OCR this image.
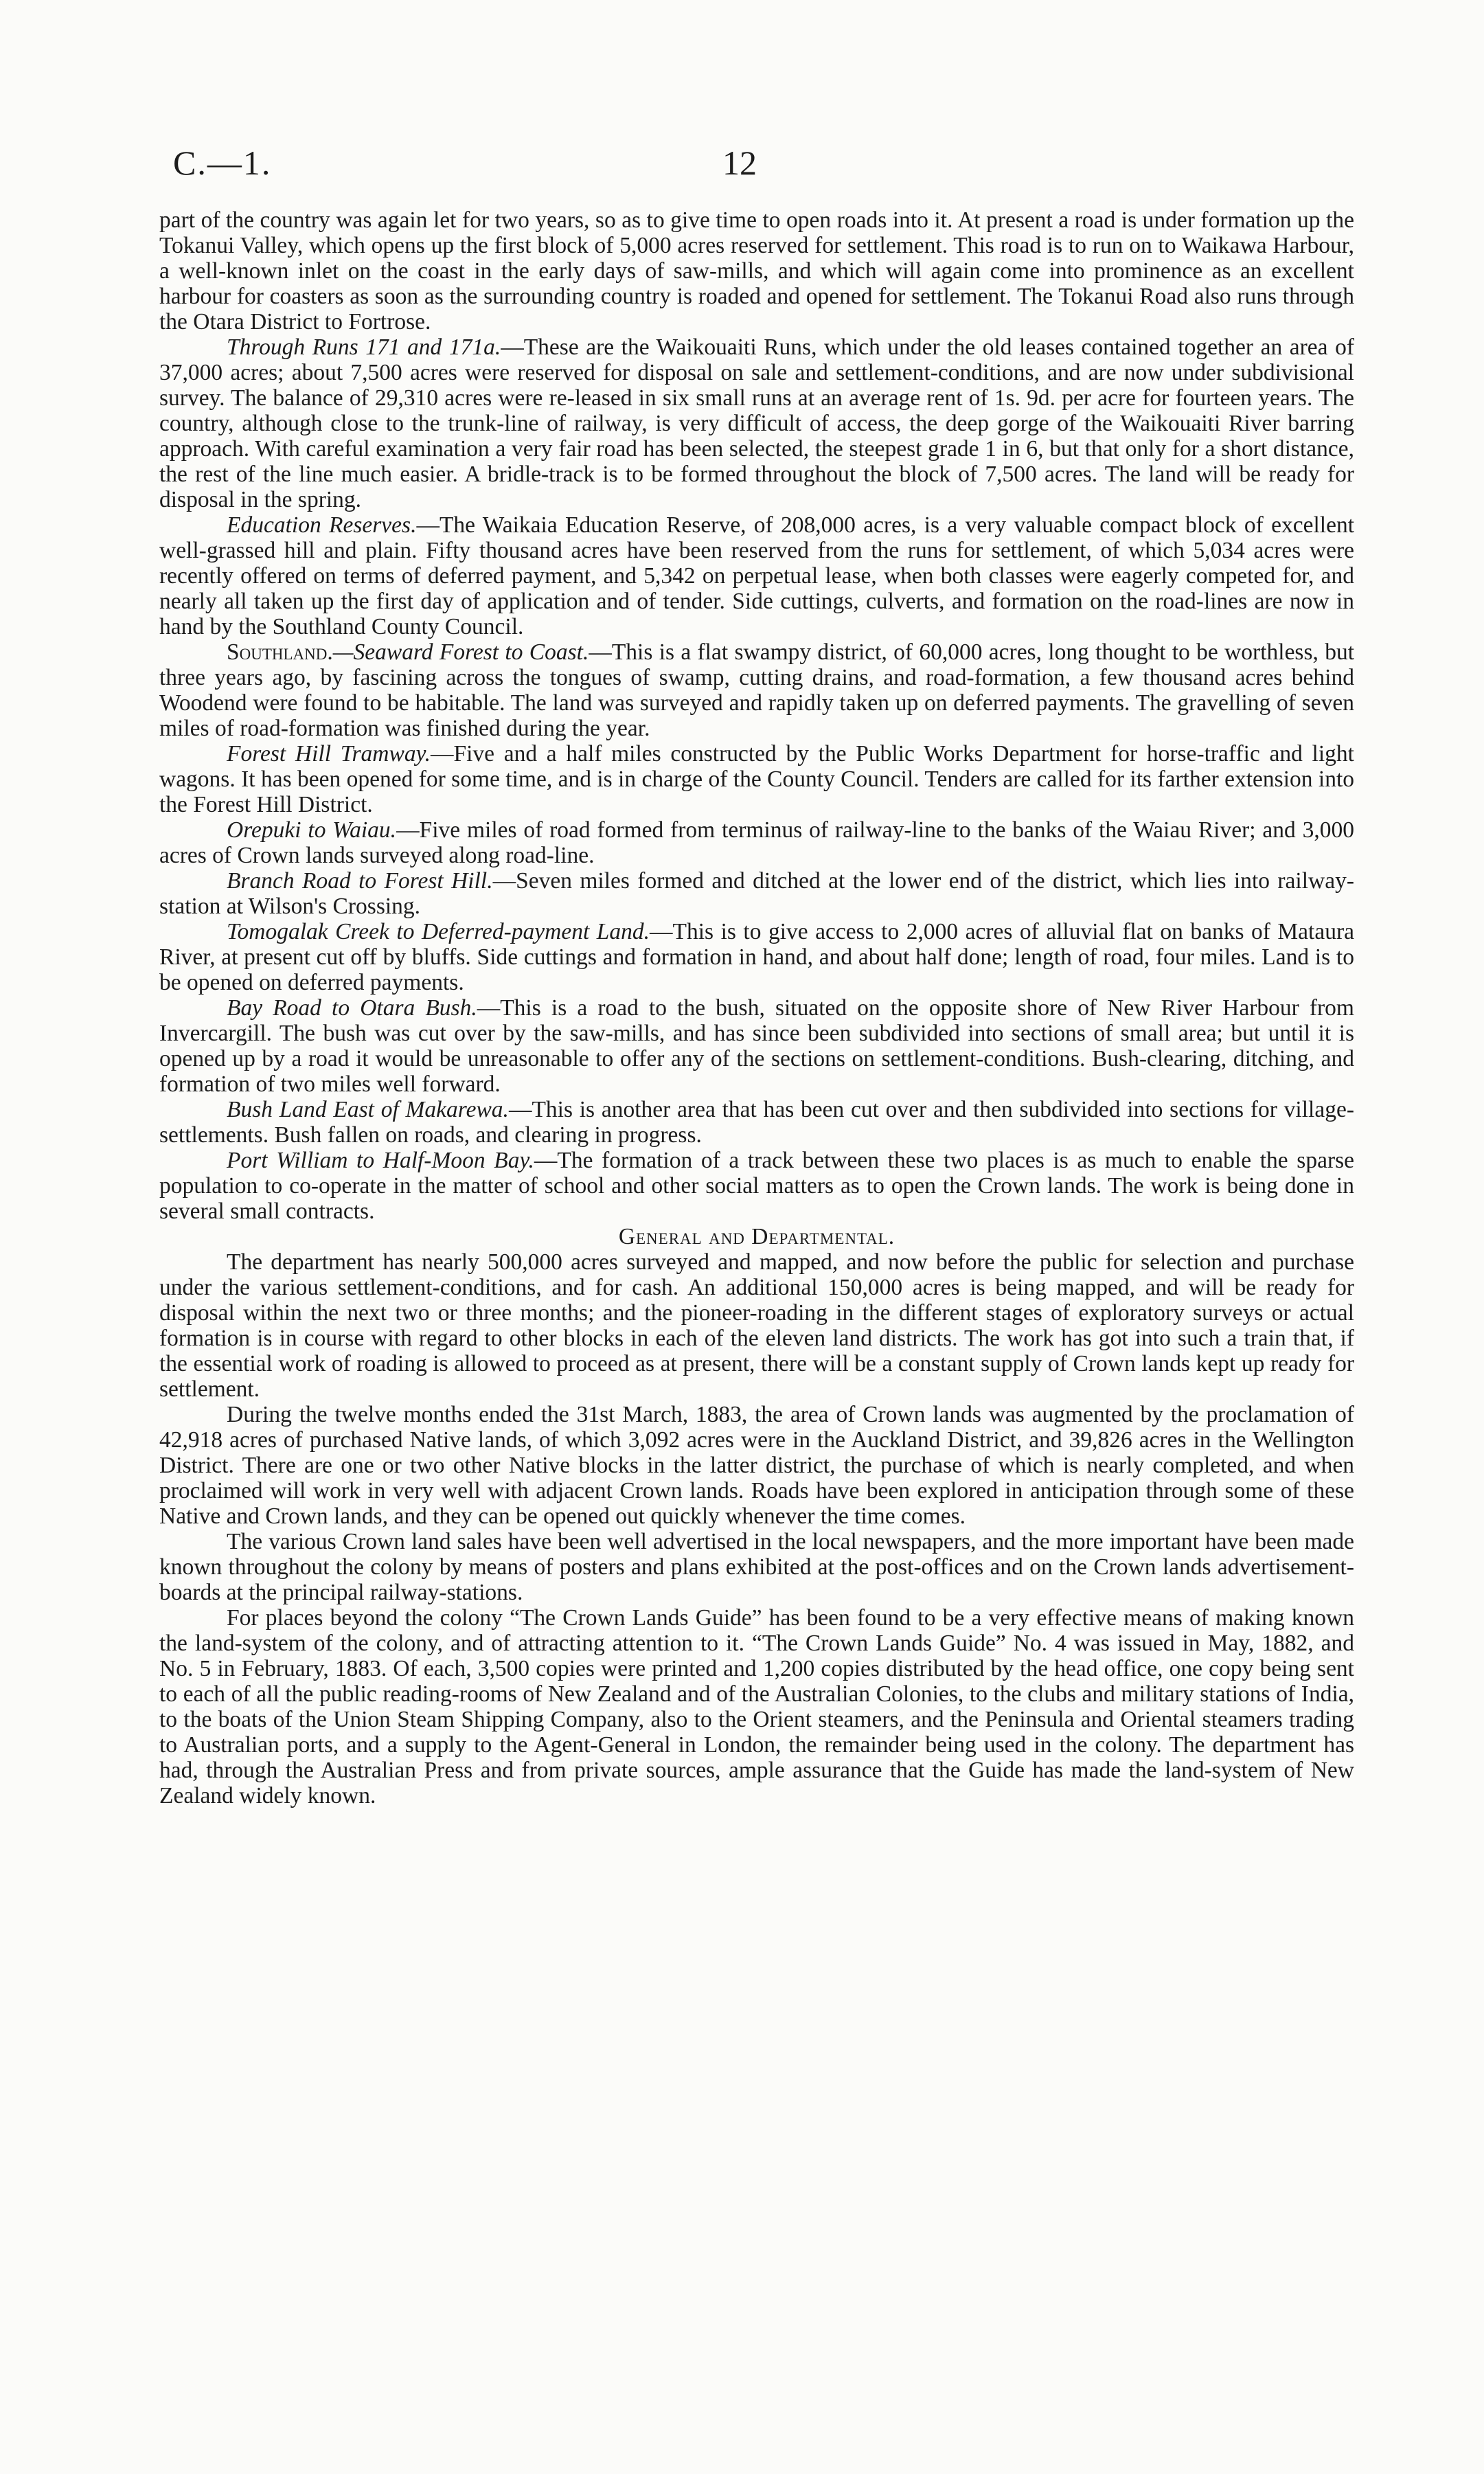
C.—1.	12

part of the country was again let for two years, so as to give time to open roads into it. At present a road is under formation up the Tokanui Valley, which opens up the first block of 5,000 acres reserved for settlement. This road is to run on to Waikawa Harbour, a well-known inlet on the coast in the early days of saw-mills, and which will again come into prominence as an excellent harbour for coasters as soon as the surrounding country is roaded and opened for settlement. The Tokanui Road also runs through the Otara District to Fortrose.

Through Runs 171 and 171a.—These are the Waikouaiti Runs, which under the old leases contained together an area of 37,000 acres; about 7,500 acres were reserved for disposal on sale and settlement-conditions, and are now under subdivisional survey. The balance of 29,310 acres were re-leased in six small runs at an average rent of 1s. 9d. per acre for fourteen years. The country, although close to the trunk-line of railway, is very difficult of access, the deep gorge of the Waikouaiti River barring approach. With careful examination a very fair road has been selected, the steepest grade 1 in 6, but that only for a short distance, the rest of the line much easier. A bridle-track is to be formed throughout the block of 7,500 acres. The land will be ready for disposal in the spring.

Education Reserves.—The Waikaia Education Reserve, of 208,000 acres, is a very valuable compact block of excellent well-grassed hill and plain. Fifty thousand acres have been reserved from the runs for settlement, of which 5,034 acres were recently offered on terms of deferred payment, and 5,342 on perpetual lease, when both classes were eagerly competed for, and nearly all taken up the first day of application and of tender. Side cuttings, culverts, and formation on the road-lines are now in hand by the Southland County Council.

Southland.—Seaward Forest to Coast.—This is a flat swampy district, of 60,000 acres, long thought to be worthless, but three years ago, by fascining across the tongues of swamp, cutting drains, and road-formation, a few thousand acres behind Woodend were found to be habitable. The land was surveyed and rapidly taken up on deferred payments. The gravelling of seven miles of road-formation was finished during the year.

Forest Hill Tramway.—Five and a half miles constructed by the Public Works Department for horse-traffic and light wagons. It has been opened for some time, and is in charge of the County Council. Tenders are called for its farther extension into the Forest Hill District.

Orepuki to Waiau.—Five miles of road formed from terminus of railway-line to the banks of the Waiau River; and 3,000 acres of Crown lands surveyed along road-line.

Branch Road to Forest Hill.—Seven miles formed and ditched at the lower end of the district, which lies into railway-station at Wilson's Crossing.

Tomogalak Creek to Deferred-payment Land.—This is to give access to 2,000 acres of alluvial flat on banks of Mataura River, at present cut off by bluffs. Side cuttings and formation in hand, and about half done; length of road, four miles. Land is to be opened on deferred payments.

Bay Road to Otara Bush.—This is a road to the bush, situated on the opposite shore of New River Harbour from Invercargill. The bush was cut over by the saw-mills, and has since been subdivided into sections of small area; but until it is opened up by a road it would be unreasonable to offer any of the sections on settlement-conditions. Bush-clearing, ditching, and formation of two miles well forward.

Bush Land East of Makarewa.—This is another area that has been cut over and then subdivided into sections for village-settlements. Bush fallen on roads, and clearing in progress.

Port William to Half-Moon Bay.—The formation of a track between these two places is as much to enable the sparse population to co-operate in the matter of school and other social matters as to open the Crown lands. The work is being done in several small contracts.

General and Departmental.

The department has nearly 500,000 acres surveyed and mapped, and now before the public for selection and purchase under the various settlement-conditions, and for cash. An additional 150,000 acres is being mapped, and will be ready for disposal within the next two or three months; and the pioneer-roading in the different stages of exploratory surveys or actual formation is in course with regard to other blocks in each of the eleven land districts. The work has got into such a train that, if the essential work of roading is allowed to proceed as at present, there will be a constant supply of Crown lands kept up ready for settlement.

During the twelve months ended the 31st March, 1883, the area of Crown lands was augmented by the proclamation of 42,918 acres of purchased Native lands, of which 3,092 acres were in the Auckland District, and 39,826 acres in the Wellington District. There are one or two other Native blocks in the latter district, the purchase of which is nearly completed, and when proclaimed will work in very well with adjacent Crown lands. Roads have been explored in anticipation through some of these Native and Crown lands, and they can be opened out quickly whenever the time comes.

The various Crown land sales have been well advertised in the local newspapers, and the more important have been made known throughout the colony by means of posters and plans exhibited at the post-offices and on the Crown lands advertisement-boards at the principal railway-stations.

For places beyond the colony “The Crown Lands Guide” has been found to be a very effective means of making known the land-system of the colony, and of attracting attention to it. “The Crown Lands Guide” No. 4 was issued in May, 1882, and No. 5 in February, 1883. Of each, 3,500 copies were printed and 1,200 copies distributed by the head office, one copy being sent to each of all the public reading-rooms of New Zealand and of the Australian Colonies, to the clubs and military stations of India, to the boats of the Union Steam Shipping Company, also to the Orient steamers, and the Peninsula and Oriental steamers trading to Australian ports, and a supply to the Agent-General in London, the remainder being used in the colony. The department has had, through the Australian Press and from private sources, ample assurance that the Guide has made the land-system of New Zealand widely known.
